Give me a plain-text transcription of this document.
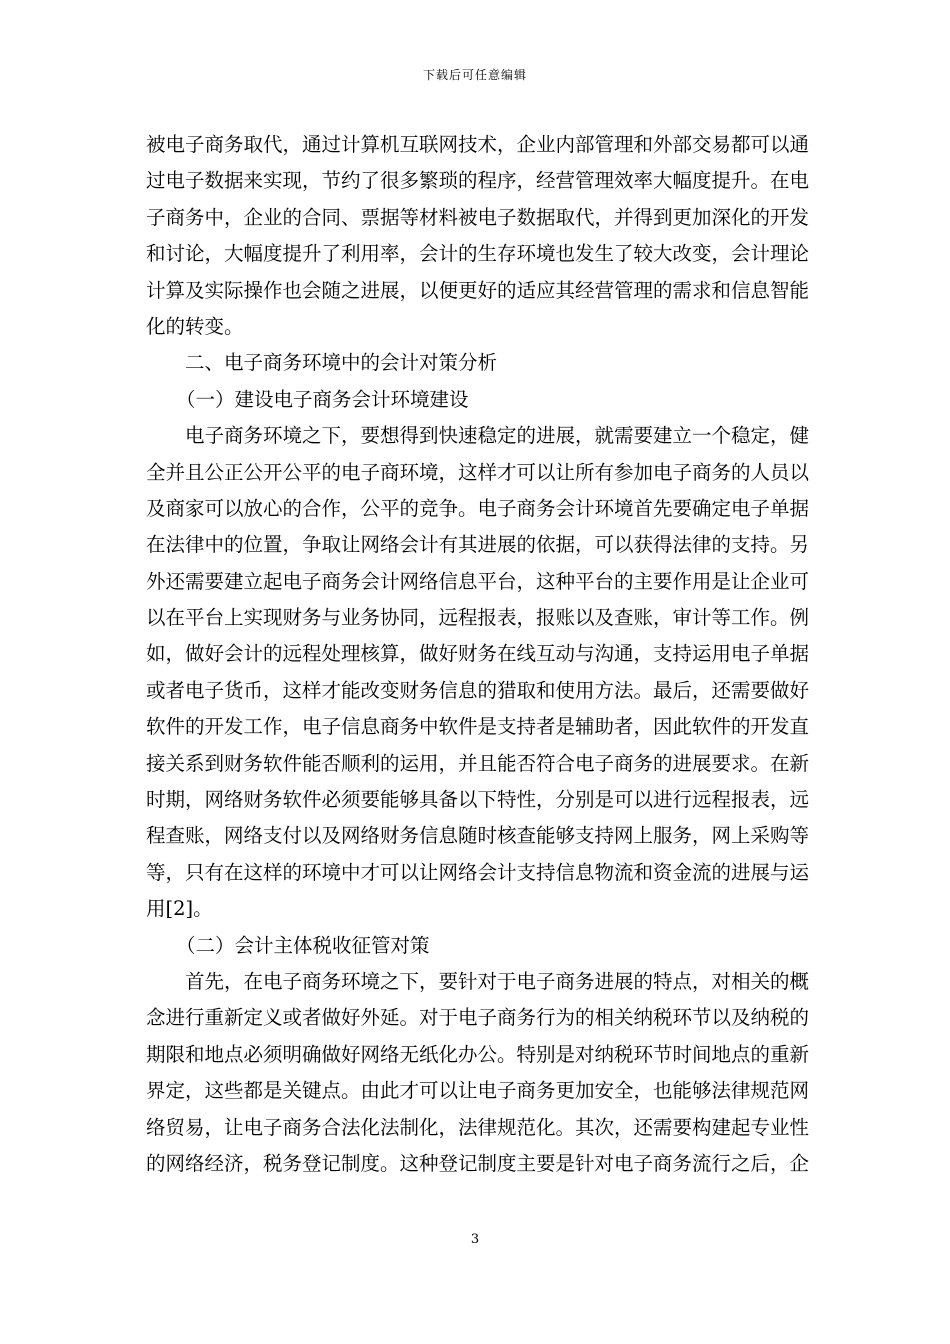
下载后可任意编辑
被电子商务取代，通过计算机互联网技术，企业内部管理和外部交易都可以通
过电子数据来实现，节约了很多繁琐的程序，经营管理效率大幅度提升。在电
子商务中，企业的合同、票据等材料被电子数据取代，并得到更加深化的开发
和讨论，大幅度提升了利用率，会计的生存环境也发生了较大改变，会计理论
计算及实际操作也会随之进展，以便更好的适应其经营管理的需求和信息智能
化的转变。
二、电子商务环境中的会计对策分析
（一）建设电子商务会计环境建设
电子商务环境之下，要想得到快速稳定的进展，就需要建立一个稳定，健
全并且公正公开公平的电子商环境，这样才可以让所有参加电子商务的人员以
及商家可以放心的合作，公平的竞争。电子商务会计环境首先要确定电子单据
在法律中的位置，争取让网络会计有其进展的依据，可以获得法律的支持。另
外还需要建立起电子商务会计网络信息平台，这种平台的主要作用是让企业可
以在平台上实现财务与业务协同，远程报表，报账以及查账，审计等工作。例
如，做好会计的远程处理核算，做好财务在线互动与沟通，支持运用电子单据
或者电子货币，这样才能改变财务信息的猎取和使用方法。最后，还需要做好
软件的开发工作，电子信息商务中软件是支持者是辅助者，因此软件的开发直
接关系到财务软件能否顺利的运用，并且能否符合电子商务的进展要求。在新
时期，网络财务软件必须要能够具备以下特性，分别是可以进行远程报表，远
程查账，网络支付以及网络财务信息随时核查能够支持网上服务，网上采购等
等，只有在这样的环境中才可以让网络会计支持信息物流和资金流的进展与运
用[2]。
（二）会计主体税收征管对策
首先，在电子商务环境之下，要针对于电子商务进展的特点，对相关的概
念进行重新定义或者做好外延。对于电子商务行为的相关纳税环节以及纳税的
期限和地点必须明确做好网络无纸化办公。特别是对纳税环节时间地点的重新
界定，这些都是关键点。由此才可以让电子商务更加安全，也能够法律规范网
络贸易，让电子商务合法化法制化，法律规范化。其次，还需要构建起专业性
的网络经济，税务登记制度。这种登记制度主要是针对电子商务流行之后，企
3
